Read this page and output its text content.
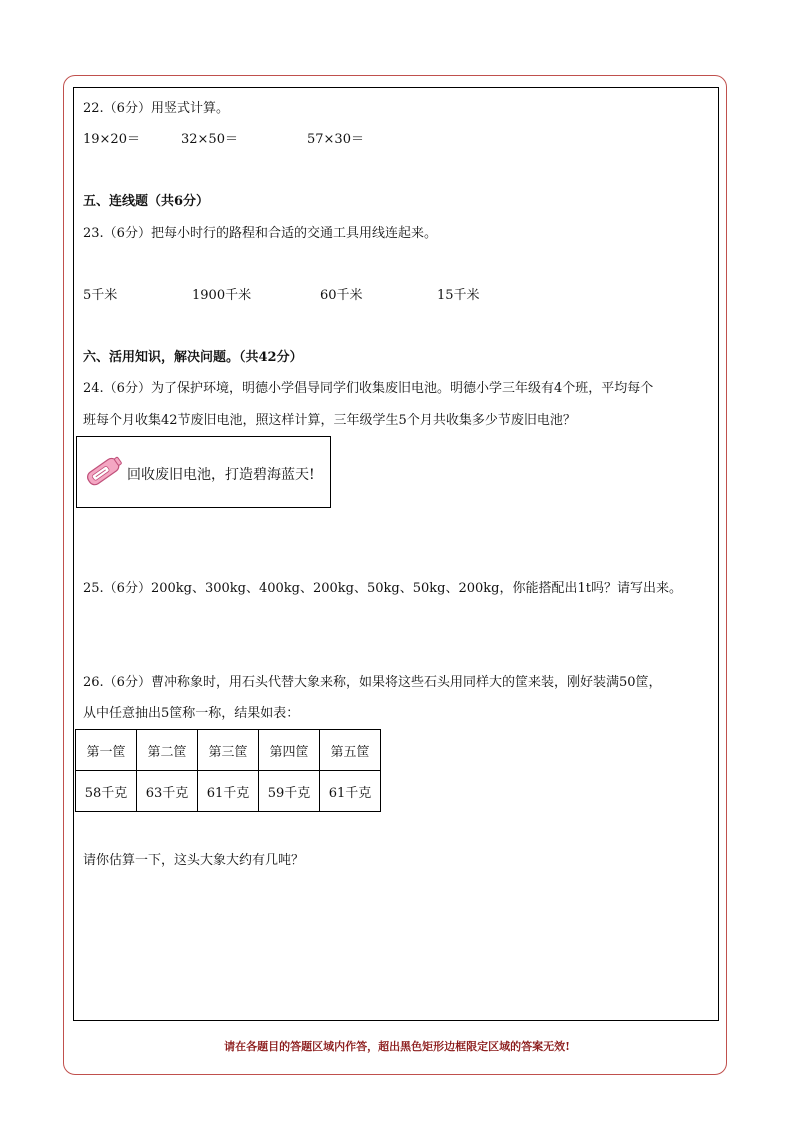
22.（6分）用竖式计算。
19×20＝	32×50＝	57×30＝
五、连线题（共6分）
23.（6分）把每小时行的路程和合适的交通工具用线连起来。
5千米	1900千米	60千米	15千米
六、活用知识，解决问题。（共42分）
24.（6分）为了保护环境，明德小学倡导同学们收集废旧电池。明德小学三年级有4个班，平均每个
班每个月收集42节废旧电池，照这样计算，三年级学生5个月共收集多少节废旧电池？
回收废旧电池，打造碧海蓝天!
25.（6分）200kg、300kg、400kg、200kg、50kg、50kg、200kg，你能搭配出1t吗？请写出来。
26.（6分）曹冲称象时，用石头代替大象来称，如果将这些石头用同样大的筐来装，刚好装满50筐，
从中任意抽出5筐称一称，结果如表：
第一筐	第二筐	第三筐	第四筐	第五筐
58千克	63千克	61千克	59千克	61千克
请你估算一下，这头大象大约有几吨？
请在各题目的答题区域内作答，超出黑色矩形边框限定区域的答案无效!
